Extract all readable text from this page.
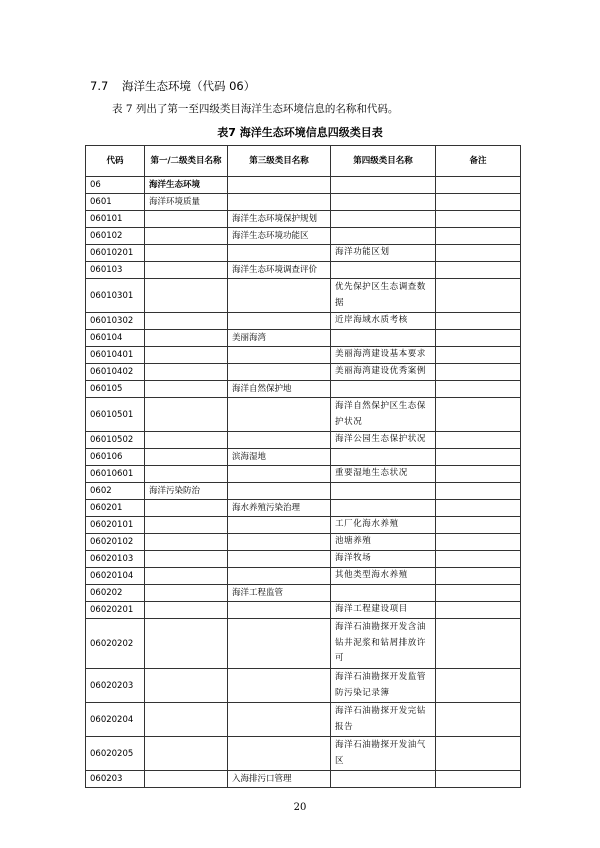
7.7 海洋生态环境（代码 06）
表 7 列出了第一至四级类目海洋生态环境信息的名称和代码。
表7 海洋生态环境信息四级类目表
代码	第一/二级类目名称	第三级类目名称	第四级类目名称	备注
06	海洋生态环境			
0601	海洋环境质量			
060101		海洋生态环境保护规划		
060102		海洋生态环境功能区		
06010201			海洋功能区划	
060103		海洋生态环境调查评价		
06010301			优先保护区生态调查数据	
06010302			近岸海域水质考核	
060104		美丽海湾		
06010401			美丽海湾建设基本要求	
06010402			美丽海湾建设优秀案例	
060105		海洋自然保护地		
06010501			海洋自然保护区生态保护状况	
06010502			海洋公园生态保护状况	
060106		滨海湿地		
06010601			重要湿地生态状况	
0602	海洋污染防治			
060201		海水养殖污染治理		
06020101			工厂化海水养殖	
06020102			池塘养殖	
06020103			海洋牧场	
06020104			其他类型海水养殖	
060202		海洋工程监管		
06020201			海洋工程建设项目	
06020202			海洋石油勘探开发含油钻井泥浆和钻屑排放许可	
06020203			海洋石油勘探开发监管防污染记录簿	
06020204			海洋石油勘探开发完钻报告	
06020205			海洋石油勘探开发油气区	
060203		入海排污口管理		
20
